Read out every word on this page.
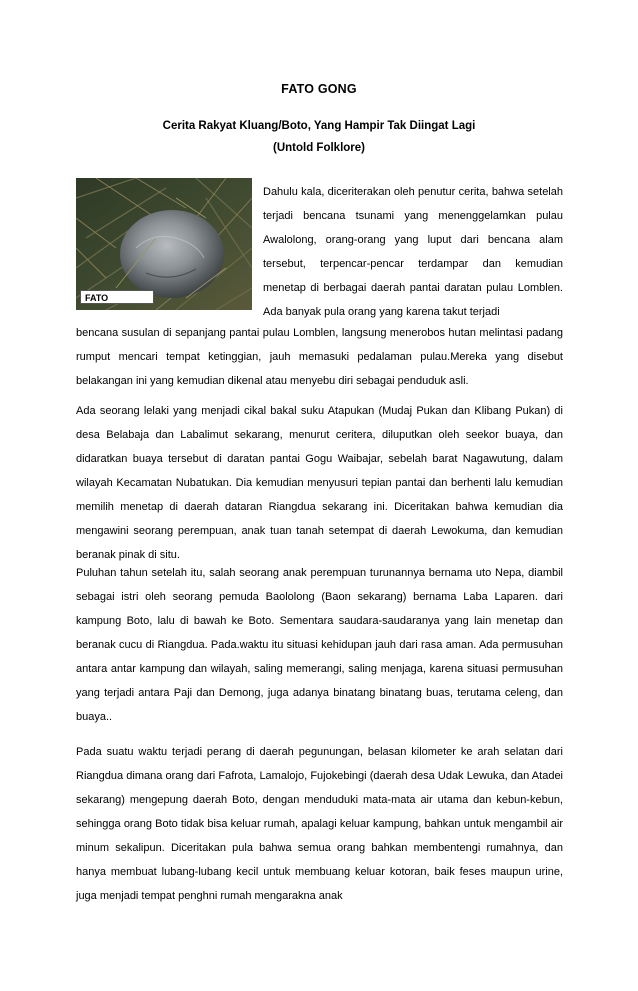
FATO GONG
Cerita Rakyat Kluang/Boto, Yang Hampir Tak Diingat Lagi
(Untold Folklore)
FATO

Dahulu kala, diceriterakan oleh penutur cerita, bahwa setelah terjadi bencana tsunami yang menenggelamkan pulau Awalolong, orang-orang yang luput dari bencana alam tersebut, terpencar-pencar terdampar dan kemudian menetap di berbagai daerah pantai daratan pulau Lomblen. Ada banyak pula orang yang karena takut terjadi

bencana susulan di sepanjang pantai pulau Lomblen, langsung menerobos hutan melintasi padang rumput mencari tempat ketinggian, jauh memasuki pedalaman pulau.Mereka yang disebut belakangan ini yang kemudian dikenal atau menyebu diri sebagai penduduk asli.

Ada seorang lelaki yang menjadi cikal bakal suku Atapukan (Mudaj Pukan dan Klibang Pukan) di desa Belabaja dan Labalimut sekarang, menurut ceritera, diluputkan oleh seekor buaya, dan didaratkan buaya tersebut di daratan pantai Gogu Waibajar, sebelah barat Nagawutung, dalam wilayah Kecamatan Nubatukan. Dia kemudian menyusuri tepian pantai dan berhenti lalu kemudian memilih menetap di daerah dataran Riangdua sekarang ini. Diceritakan bahwa kemudian dia mengawini seorang perempuan, anak tuan tanah setempat di daerah Lewokuma, dan kemudian beranak pinak di situ.

Puluhan tahun setelah itu, salah seorang anak perempuan turunannya bernama uto Nepa, diambil sebagai istri oleh seorang pemuda Baololong (Baon sekarang) bernama Laba Laparen. dari kampung Boto, lalu di bawah ke Boto. Sementara saudara-saudaranya yang lain menetap dan beranak cucu di Riangdua. Pada.waktu itu situasi kehidupan jauh dari rasa aman. Ada permusuhan antara antar kampung dan wilayah, saling memerangi, saling menjaga, karena situasi permusuhan yang terjadi antara Paji dan Demong, juga adanya binatang binatang buas, terutama celeng, dan buaya..

Pada suatu waktu terjadi perang di daerah pegunungan, belasan kilometer ke arah selatan dari Riangdua dimana orang dari Fafrota, Lamalojo, Fujokebingi (daerah desa Udak Lewuka, dan Atadei sekarang) mengepung daerah Boto, dengan menduduki mata-mata air utama dan kebun-kebun, sehingga orang Boto tidak bisa keluar rumah, apalagi keluar kampung, bahkan untuk mengambil air minum sekalipun. Diceritakan pula bahwa semua orang bahkan membentengi rumahnya, dan hanya membuat lubang-lubang kecil untuk membuang keluar kotoran, baik feses maupun urine, juga menjadi tempat penghni rumah mengaraknа anak
